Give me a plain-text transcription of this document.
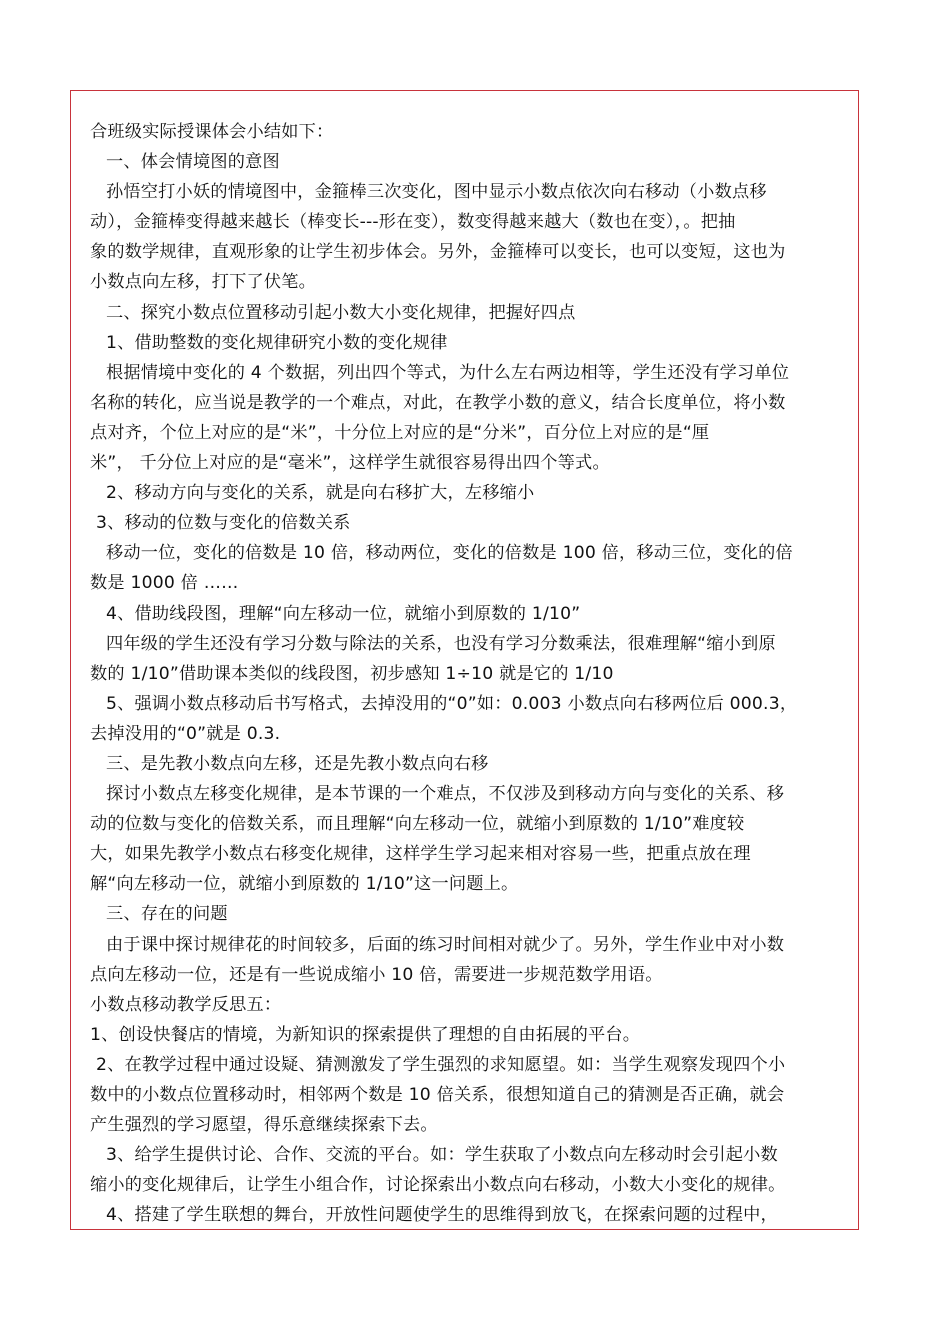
合班级实际授课体会小结如下：
一、体会情境图的意图
孙悟空打小妖的情境图中，金箍棒三次变化，图中显示小数点依次向右移动（小数点移
动），金箍棒变得越来越长（棒变长---形在变），数变得越来越大（数也在变），。把抽
象的数学规律，直观形象的让学生初步体会。另外，金箍棒可以变长，也可以变短，这也为
小数点向左移，打下了伏笔。
二、探究小数点位置移动引起小数大小变化规律，把握好四点
1、借助整数的变化规律研究小数的变化规律
根据情境中变化的 4 个数据，列出四个等式，为什么左右两边相等，学生还没有学习单位
名称的转化，应当说是教学的一个难点，对此，在教学小数的意义，结合长度单位，将小数
点对齐，个位上对应的是“米”，十分位上对应的是“分米”，百分位上对应的是“厘
米”， 千分位上对应的是“毫米”，这样学生就很容易得出四个等式。
2、移动方向与变化的关系，就是向右移扩大，左移缩小
3、移动的位数与变化的倍数关系
移动一位，变化的倍数是 10 倍，移动两位，变化的倍数是 100 倍，移动三位，变化的倍
数是 1000 倍 ……
4、借助线段图，理解“向左移动一位，就缩小到原数的 1/10”
四年级的学生还没有学习分数与除法的关系，也没有学习分数乘法，很难理解“缩小到原
数的 1/10”借助课本类似的线段图，初步感知 1÷10 就是它的 1/10
5、强调小数点移动后书写格式，去掉没用的“0”如：0.003 小数点向右移两位后 000.3，
去掉没用的“0”就是 0.3.
三、是先教小数点向左移，还是先教小数点向右移
探讨小数点左移变化规律，是本节课的一个难点，不仅涉及到移动方向与变化的关系、移
动的位数与变化的倍数关系，而且理解“向左移动一位，就缩小到原数的 1/10”难度较
大，如果先教学小数点右移变化规律，这样学生学习起来相对容易一些，把重点放在理
解“向左移动一位，就缩小到原数的 1/10”这一问题上。
三、存在的问题
由于课中探讨规律花的时间较多，后面的练习时间相对就少了。另外，学生作业中对小数
点向左移动一位，还是有一些说成缩小 10 倍，需要进一步规范数学用语。
小数点移动教学反思五：
1、创设快餐店的情境，为新知识的探索提供了理想的自由拓展的平台。
2、在教学过程中通过设疑、猜测激发了学生强烈的求知愿望。如：当学生观察发现四个小
数中的小数点位置移动时，相邻两个数是 10 倍关系，很想知道自己的猜测是否正确，就会
产生强烈的学习愿望，得乐意继续探索下去。
3、给学生提供讨论、合作、交流的平台。如：学生获取了小数点向左移动时会引起小数
缩小的变化规律后，让学生小组合作，讨论探索出小数点向右移动，小数大小变化的规律。
4、搭建了学生联想的舞台，开放性问题使学生的思维得到放飞，在探索问题的过程中，
